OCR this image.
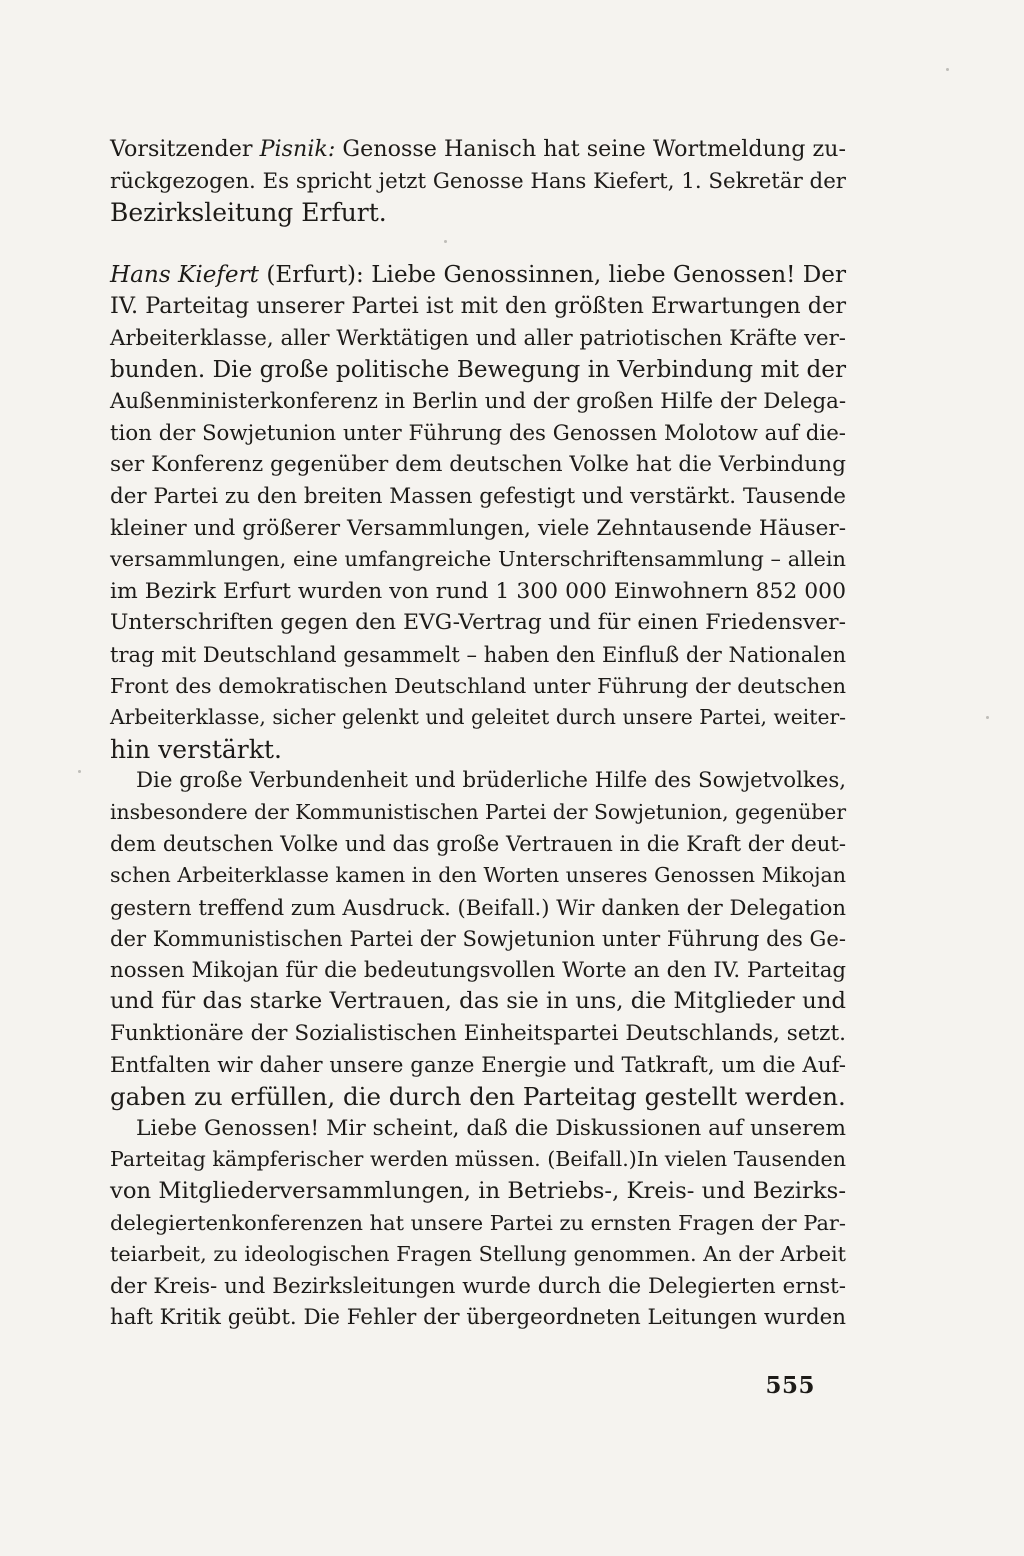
Vorsitzender Pisnik: Genosse Hanisch hat seine Wortmeldung zu-
rückgezogen. Es spricht jetzt Genosse Hans Kiefert, 1. Sekretär der
Bezirksleitung Erfurt.
Hans Kiefert (Erfurt): Liebe Genossinnen, liebe Genossen! Der
IV. Parteitag unserer Partei ist mit den größten Erwartungen der
Arbeiterklasse, aller Werktätigen und aller patriotischen Kräfte ver-
bunden. Die große politische Bewegung in Verbindung mit der
Außenministerkonferenz in Berlin und der großen Hilfe der Delega-
tion der Sowjetunion unter Führung des Genossen Molotow auf die-
ser Konferenz gegenüber dem deutschen Volke hat die Verbindung
der Partei zu den breiten Massen gefestigt und verstärkt. Tausende
kleiner und größerer Versammlungen, viele Zehntausende Häuser-
versammlungen, eine umfangreiche Unterschriftensammlung – allein
im Bezirk Erfurt wurden von rund 1 300 000 Einwohnern 852 000
Unterschriften gegen den EVG-Vertrag und für einen Friedensver-
trag mit Deutschland gesammelt – haben den Einfluß der Nationalen
Front des demokratischen Deutschland unter Führung der deutschen
Arbeiterklasse, sicher gelenkt und geleitet durch unsere Partei, weiter-
hin verstärkt.
Die große Verbundenheit und brüderliche Hilfe des Sowjetvolkes,
insbesondere der Kommunistischen Partei der Sowjetunion, gegenüber
dem deutschen Volke und das große Vertrauen in die Kraft der deut-
schen Arbeiterklasse kamen in den Worten unseres Genossen Mikojan
gestern treffend zum Ausdruck. (Beifall.) Wir danken der Delegation
der Kommunistischen Partei der Sowjetunion unter Führung des Ge-
nossen Mikojan für die bedeutungsvollen Worte an den IV. Parteitag
und für das starke Vertrauen, das sie in uns, die Mitglieder und
Funktionäre der Sozialistischen Einheitspartei Deutschlands, setzt.
Entfalten wir daher unsere ganze Energie und Tatkraft, um die Auf-
gaben zu erfüllen, die durch den Parteitag gestellt werden.
Liebe Genossen! Mir scheint, daß die Diskussionen auf unserem
Parteitag kämpferischer werden müssen. (Beifall.)In vielen Tausenden
von Mitgliederversammlungen, in Betriebs-, Kreis- und Bezirks-
delegiertenkonferenzen hat unsere Partei zu ernsten Fragen der Par-
teiarbeit, zu ideologischen Fragen Stellung genommen. An der Arbeit
der Kreis- und Bezirksleitungen wurde durch die Delegierten ernst-
haft Kritik geübt. Die Fehler der übergeordneten Leitungen wurden
555
